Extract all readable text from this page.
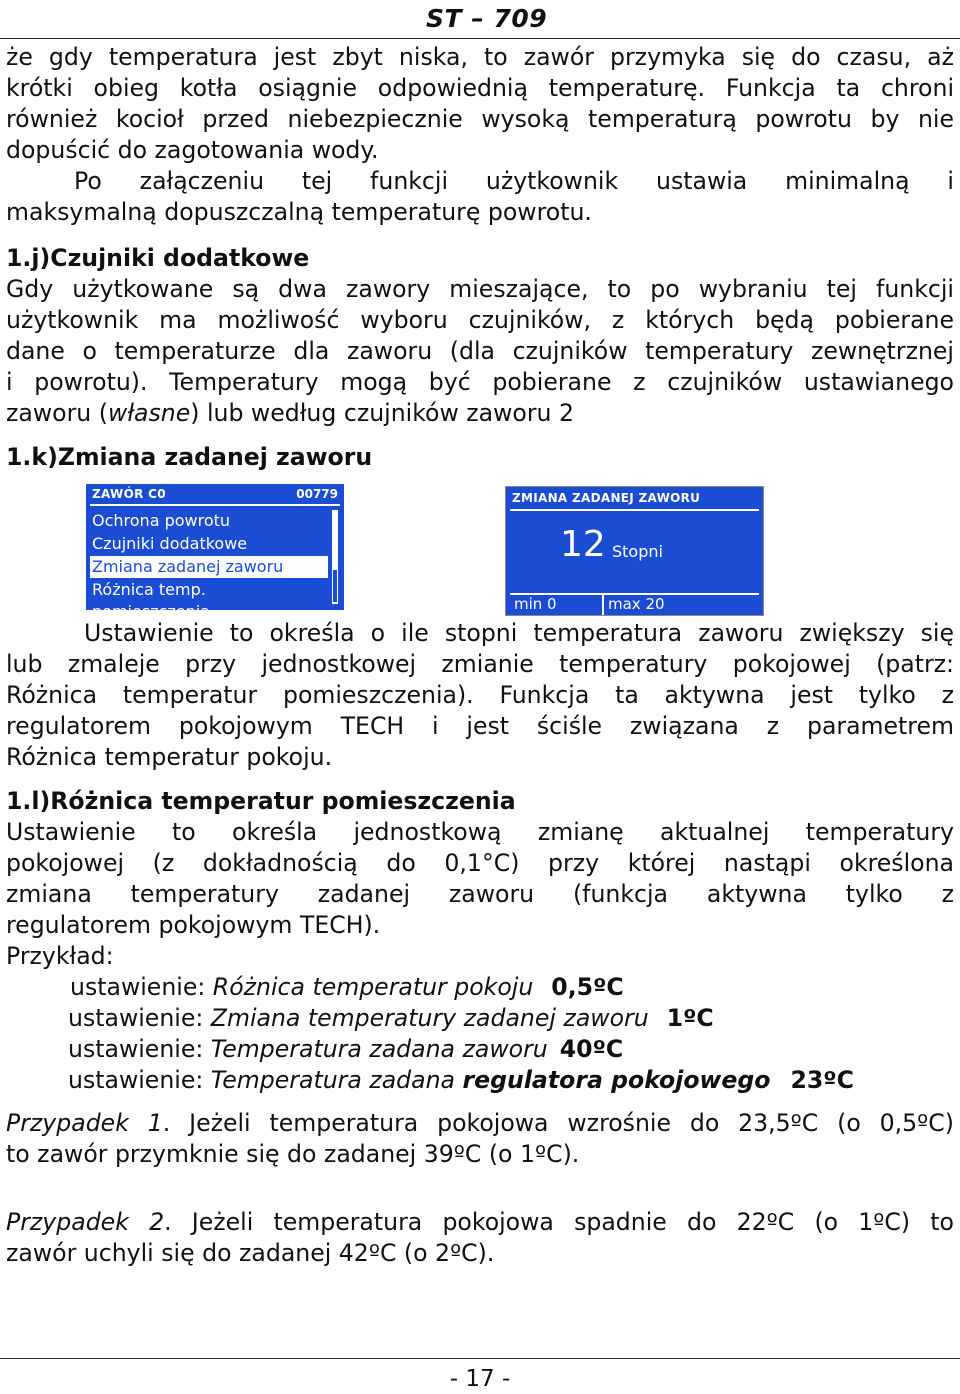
ST – 709
że gdy temperatura jest zbyt niska, to zawór przymyka się do czasu, aż
krótki obieg kotła osiągnie odpowiednią temperaturę. Funkcja ta chroni
również kocioł przed niebezpiecznie wysoką temperaturą powrotu by nie
dopuścić do zagotowania wody.
Po załączeniu tej funkcji użytkownik ustawia minimalną i
maksymalną dopuszczalną temperaturę powrotu.
1.j)Czujniki dodatkowe
Gdy użytkowane są dwa zawory mieszające, to po wybraniu tej funkcji
użytkownik ma możliwość wyboru czujników, z których będą pobierane
dane o temperaturze dla zaworu (dla czujników temperatury zewnętrznej
i powrotu). Temperatury mogą być pobierane z czujników ustawianego
zaworu (własne) lub według czujników zaworu 2
1.k)Zmiana zadanej zaworu
ZAWÓR C0	00779
Ochrona powrotu
Czujniki dodatkowe
Zmiana zadanej zaworu
Różnica temp. pomieszczenia
ZMIANA ZADANEJ ZAWORU
12 Stopni
min 0	max 20
Ustawienie to określa o ile stopni temperatura zaworu zwiększy się
lub zmaleje przy jednostkowej zmianie temperatury pokojowej (patrz:
Różnica temperatur pomieszczenia). Funkcja ta aktywna jest tylko z
regulatorem pokojowym TECH i jest ściśle związana z parametrem
Różnica temperatur pokoju.
1.l)Różnica temperatur pomieszczenia
Ustawienie to określa jednostkową zmianę aktualnej temperatury
pokojowej (z dokładnością do 0,1°C) przy której nastąpi określona
zmiana temperatury zadanej zaworu (funkcja aktywna tylko z
regulatorem pokojowym TECH).
Przykład:
ustawienie: Różnica temperatur pokoju 0,5ºC
ustawienie: Zmiana temperatury zadanej zaworu 1ºC
ustawienie: Temperatura zadana zaworu 40ºC
ustawienie: Temperatura zadana regulatora pokojowego 23ºC
Przypadek 1. Jeżeli temperatura pokojowa wzrośnie do 23,5ºC (o 0,5ºC)
to zawór przymknie się do zadanej 39ºC (o 1ºC).
Przypadek 2. Jeżeli temperatura pokojowa spadnie do 22ºC (o 1ºC) to
zawór uchyli się do zadanej 42ºC (o 2ºC).
- 17 -
